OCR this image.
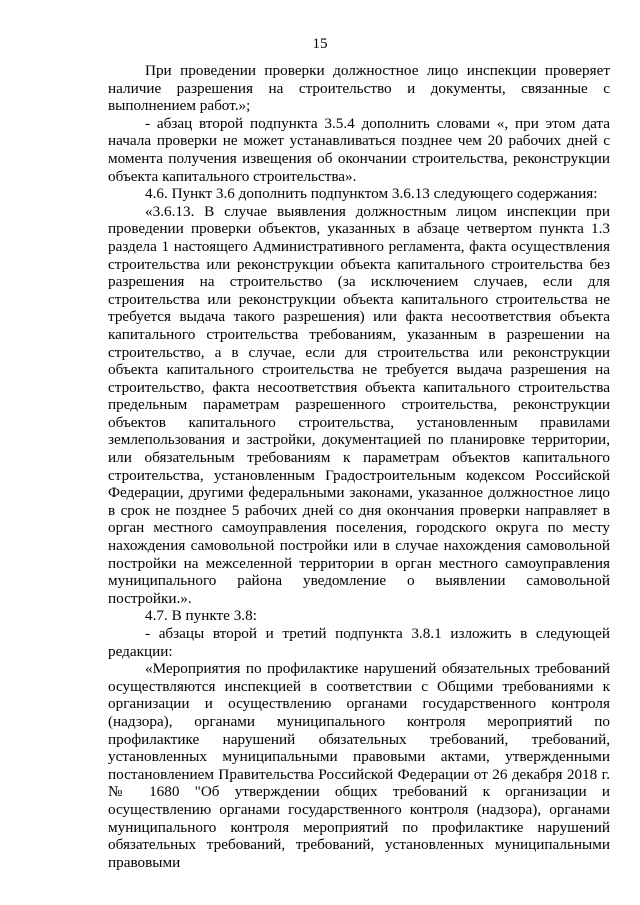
15

При проведении проверки должностное лицо инспекции проверяет наличие разрешения на строительство и документы, связанные с выполнением работ.»;

- абзац второй подпункта 3.5.4 дополнить словами «, при этом дата начала проверки не может устанавливаться позднее чем 20 рабочих дней с момента получения извещения об окончании строительства, реконструкции объекта капитального строительства».

4.6. Пункт 3.6 дополнить подпунктом 3.6.13 следующего содержания:

«3.6.13. В случае выявления должностным лицом инспекции при проведении проверки объектов, указанных в абзаце четвертом пункта 1.3 раздела 1 настоящего Административного регламента, факта осуществления строительства или реконструкции объекта капитального строительства без разрешения на строительство (за исключением случаев, если для строительства или реконструкции объекта капитального строительства не требуется выдача такого разрешения) или факта несоответствия объекта капитального строительства требованиям, указанным в разрешении на строительство, а в случае, если для строительства или реконструкции объекта капитального строительства не требуется выдача разрешения на строительство, факта несоответствия объекта капитального строительства предельным параметрам разрешенного строительства, реконструкции объектов капитального строительства, установленным правилами землепользования и застройки, документацией по планировке территории, или обязательным требованиям к параметрам объектов капитального строительства, установленным Градостроительным кодексом Российской Федерации, другими федеральными законами, указанное должностное лицо в срок не позднее 5 рабочих дней со дня окончания проверки направляет в орган местного самоуправления поселения, городского округа по месту нахождения самовольной постройки или в случае нахождения самовольной постройки на межселенной территории в орган местного самоуправления муниципального района уведомление о выявлении самовольной постройки.».

4.7. В пункте 3.8:

- абзацы второй и третий подпункта 3.8.1 изложить в следующей редакции:

«Мероприятия по профилактике нарушений обязательных требований осуществляются инспекцией в соответствии с Общими требованиями к организации и осуществлению органами государственного контроля (надзора), органами муниципального контроля мероприятий по профилактике нарушений обязательных требований, требований, установленных муниципальными правовыми актами, утвержденными постановлением Правительства Российской Федерации от 26 декабря 2018 г. № 1680 "Об утверждении общих требований к организации и осуществлению органами государственного контроля (надзора), органами муниципального контроля мероприятий по профилактике нарушений обязательных требований, требований, установленных муниципальными правовыми
